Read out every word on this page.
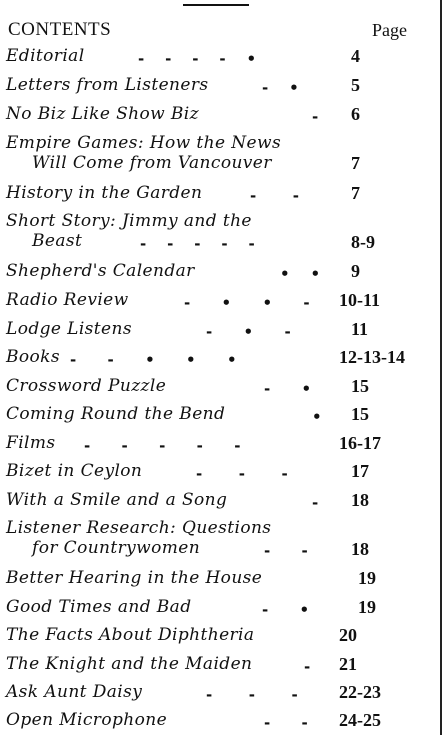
CONTENTS	Page
Editorial	-    -    -    -    •	4
Letters from Listeners	-    •	5
No Biz Like Show Biz	- 6
Empire Games: How the News
Will Come from Vancouver	7
History in the Garden	-       -	7
Short Story: Jimmy and the
Beast	-    -    -    -    -	8-9
Shepherd's Calendar	•    • 9
Radio Review	-      •      •      - 10-11
Lodge Listens	-      •      -	11
Books -      -      •      •      •	12-13-14
Crossword Puzzle	-      • 15
Coming Round the Bend	• 15
Films -      -      -      -      -	16-17
Bizet in Ceylon	-       -       -	17
With a Smile and a Song	- 18
Listener Research: Questions
for Countrywomen	-      - 18
Better Hearing in the House	19
Good Times and Bad	-      •	19
The Facts About Diphtheria	20
The Knight and the Maiden	- 21
Ask Aunt Daisy	-       -       - 22-23
Open Microphone	-      - 24-25
